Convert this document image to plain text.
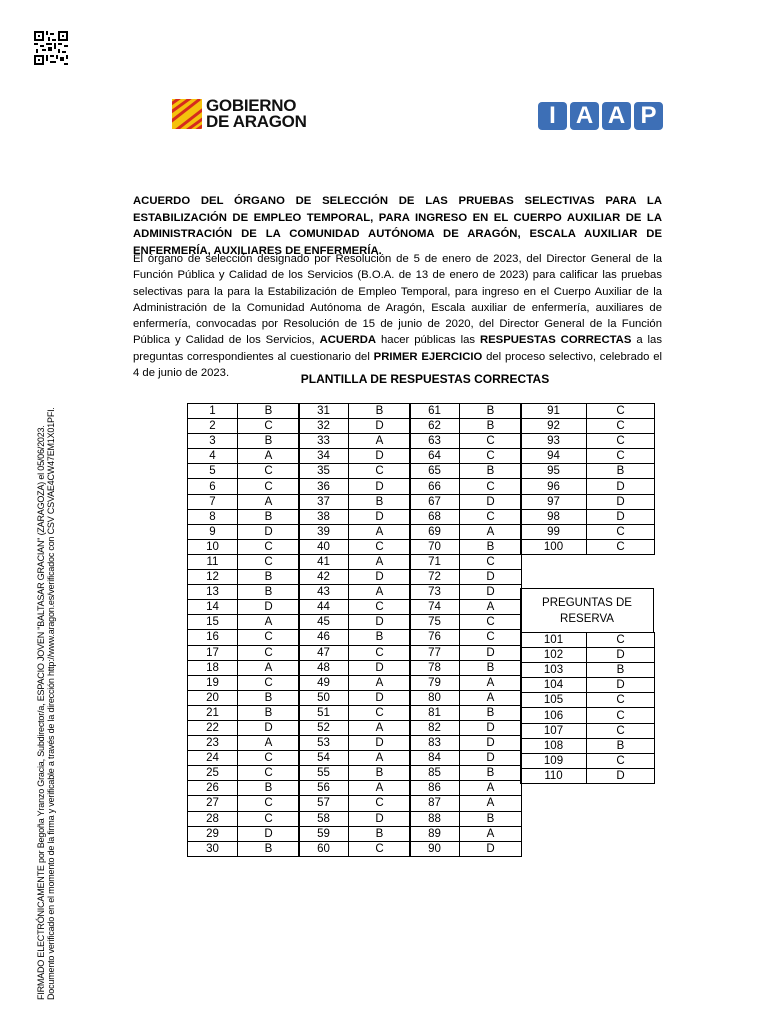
GOBIERNO
DE ARAGON	I A A P
ACUERDO DEL ÓRGANO DE SELECCIÓN DE LAS PRUEBAS SELECTIVAS PARA LA ESTABILIZACIÓN DE EMPLEO TEMPORAL, PARA INGRESO EN EL CUERPO AUXILIAR DE LA ADMINISTRACIÓN DE LA COMUNIDAD AUTÓNOMA DE ARAGÓN, ESCALA AUXILIAR DE ENFERMERÍA, AUXILIARES DE ENFERMERÍA.
El órgano de selección designado por Resolución de 5 de enero de 2023, del Director General de la Función Pública y Calidad de los Servicios (B.O.A. de 13 de enero de 2023) para calificar las pruebas selectivas para la para la Estabilización de Empleo Temporal, para ingreso en el Cuerpo Auxiliar de la Administración de la Comunidad Autónoma de Aragón, Escala auxiliar de enfermería, auxiliares de enfermería, convocadas por Resolución de 15 de junio de 2020, del Director General de la Función Pública y Calidad de los Servicios, ACUERDA hacer públicas las RESPUESTAS CORRECTAS a las preguntas correspondientes al cuestionario del PRIMER EJERCICIO del proceso selectivo, celebrado el 4 de junio de 2023.	PLANTILLA DE RESPUESTAS CORRECTAS
1	B
2	C
3	B
4	A
5	C
6	C
7	A
8	B
9	D
10	C
11	C
12	B
13	B
14	D
15	A
16	C
17	C
18	A
19	C
20	B
21	B
22	D
23	A
24	C
25	C
26	B
27	C
28	C
29	D
30	B
31	B
32	D
33	A
34	D
35	C
36	D
37	B
38	D
39	A
40	C
41	A
42	D
43	A
44	C
45	D
46	B
47	C
48	D
49	A
50	D
51	C
52	A
53	D
54	A
55	B
56	A
57	C
58	D
59	B
60	C
61	B
62	B
63	C
64	C
65	B
66	C
67	D
68	C
69	A
70	B
71	C
72	D
73	D
74	A
75	C
76	C
77	D
78	B
79	A
80	A
81	B
82	D
83	D
84	D
85	B
86	A
87	A
88	B
89	A
90	D
91	C
92	C
93	C
94	C
95	B
96	D
97	D
98	D
99	C
100	C
PREGUNTAS DE RESERVA
101	C
102	D
103	B
104	D
105	C
106	C
107	C
108	B
109	C
110	D
FIRMADO ELECTRÓNICAMENTE por Begoña Yranzo Gracia, Subdirector/a, ESPACIO JOVEN "BALTASAR GRACIAN" (ZARAGOZA) el 05/06/2023. Documento verificado en el momento de la firma y verificable a través de la dirección http://www.aragon.es/verificadoc con CSV CSVAE4CW47EM1X01PFI.
